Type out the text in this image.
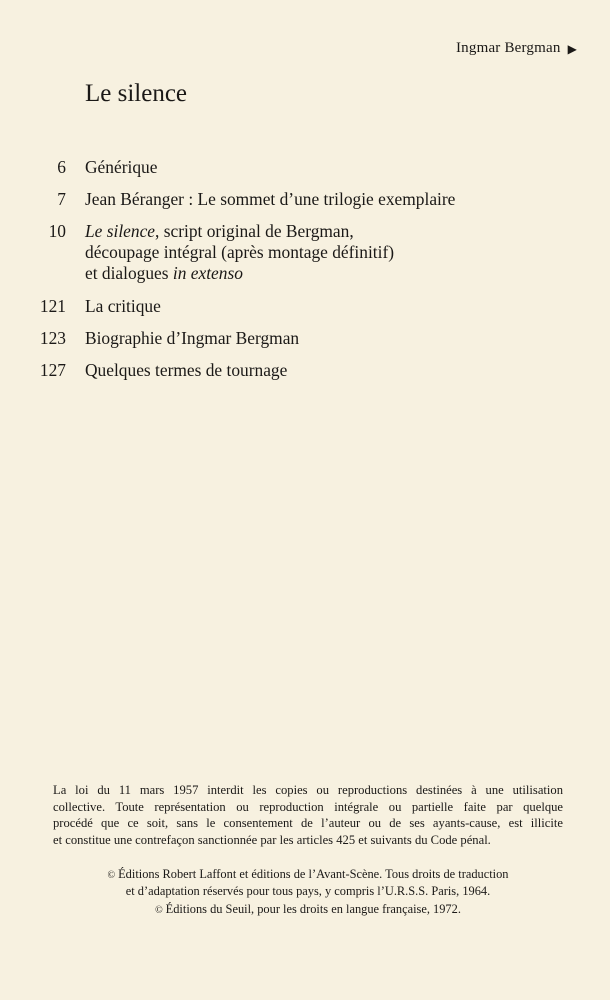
Ingmar Bergman ▶
Le silence
6 Générique
7 Jean Béranger : Le sommet d’une trilogie exemplaire
10 Le silence, script original de Bergman,
découpage intégral (après montage définitif)
et dialogues in extenso
121 La critique
123 Biographie d’Ingmar Bergman
127 Quelques termes de tournage
La loi du 11 mars 1957 interdit les copies ou reproductions destinées à une utilisation
collective. Toute représentation ou reproduction intégrale ou partielle faite par quelque
procédé que ce soit, sans le consentement de l’auteur ou de ses ayants-cause, est illicite
et constitue une contrefaçon sanctionnée par les articles 425 et suivants du Code pénal.
© Éditions Robert Laffont et éditions de l’Avant-Scène. Tous droits de traduction
et d’adaptation réservés pour tous pays, y compris l’U.R.S.S. Paris, 1964.
© Éditions du Seuil, pour les droits en langue française, 1972.
